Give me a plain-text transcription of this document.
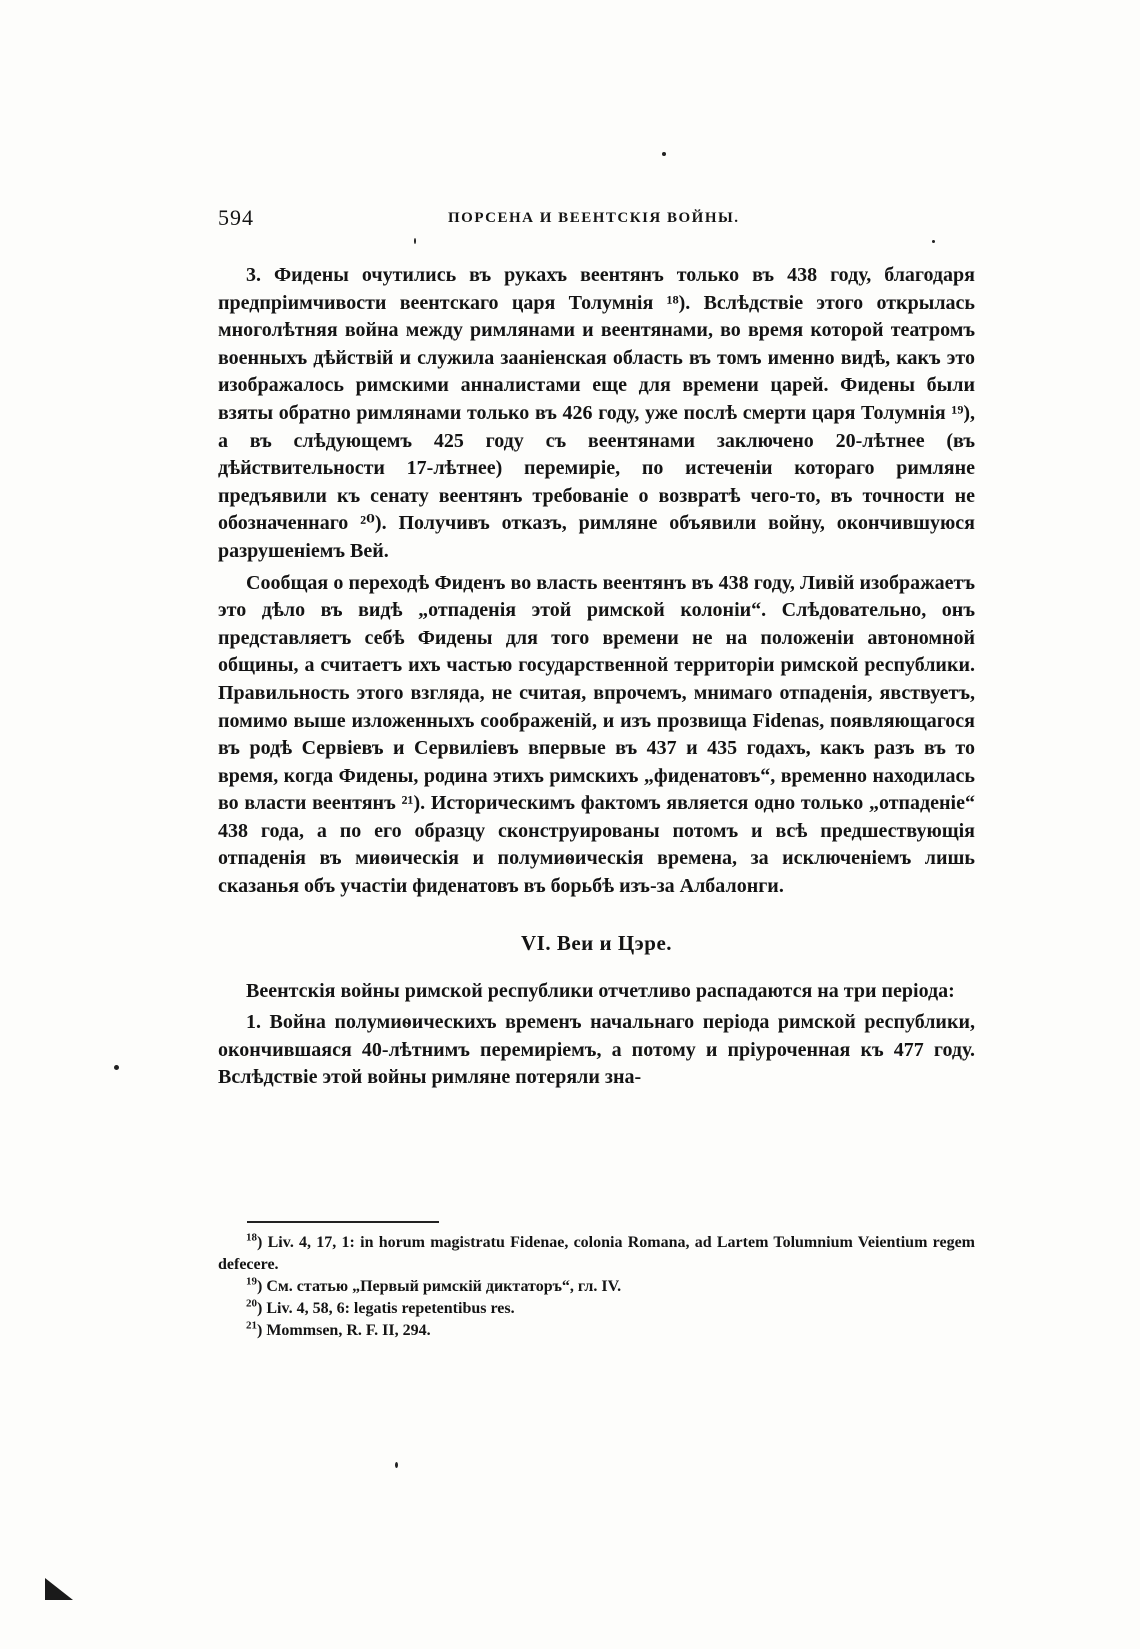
594	ПОРСЕНА И ВЕЕНТСКІЯ ВОЙНЫ.

3. Фидены очутились въ рукахъ веентянъ только въ 438 году, благодаря предпріимчивости веентскаго царя Толумнія ¹⁸). Вслѣдствіе этого открылась многолѣтняя война между римлянами и веентянами, во время которой театромъ военныхъ дѣйствій и служила зааніенская область въ томъ именно видѣ, какъ это изображалось римскими анналистами еще для времени царей. Фидены были взяты обратно римлянами только въ 426 году, уже послѣ смерти царя Толумнія ¹⁹), а въ слѣдующемъ 425 году съ веентянами заключено 20-лѣтнее (въ дѣйствительности 17-лѣтнее) перемиріе, по истеченіи котораго римляне предъявили къ сенату веентянъ требованіе о возвратѣ чего-то, въ точности не обозначеннаго ²⁰). Получивъ отказъ, римляне объявили войну, окончившуюся разрушеніемъ Вей.

Сообщая о переходѣ Фиденъ во власть веентянъ въ 438 году, Ливій изображаетъ это дѣло въ видѣ „отпаденія этой римской колоніи“. Слѣдовательно, онъ представляетъ себѣ Фидены для того времени не на положеніи автономной общины, а считаетъ ихъ частью государственной территоріи римской республики. Правильность этого взгляда, не считая, впрочемъ, мнимаго отпаденія, явствуетъ, помимо выше изложенныхъ соображеній, и изъ прозвища Fidenas, появляющагося въ родѣ Сервіевъ и Сервиліевъ впервые въ 437 и 435 годахъ, какъ разъ въ то время, когда Фидены, родина этихъ римскихъ „фиденатовъ“, временно находилась во власти веентянъ ²¹). Историческимъ фактомъ является одно только „отпаденіе“ 438 года, а по его образцу сконструированы потомъ и всѣ предшествующія отпаденія въ миѳическія и полумиѳическія времена, за исключеніемъ лишь сказанья объ участіи фиденатовъ въ борьбѣ изъ-за Албалонги.

VI. Веи и Цэре.

Веентскія войны римской республики отчетливо распадаются на три періода:

1. Война полумиѳическихъ временъ начальнаго періода римской республики, окончившаяся 40-лѣтнимъ перемиріемъ, а потому и пріуроченная къ 477 году. Вслѣдствіе этой войны римляне потеряли зна-

$^{18}$) Liv. 4, 17, 1: in horum magistratu Fidenae, colonia Romana, ad Lartem Tolumnium Veientium regem defecere.

$^{19}$) См. статью „Первый римскій диктаторъ“, гл. IV.

$^{20}$) Liv. 4, 58, 6: legatis repetentibus res.

$^{21}$) Mommsen, R. F. II, 294.
